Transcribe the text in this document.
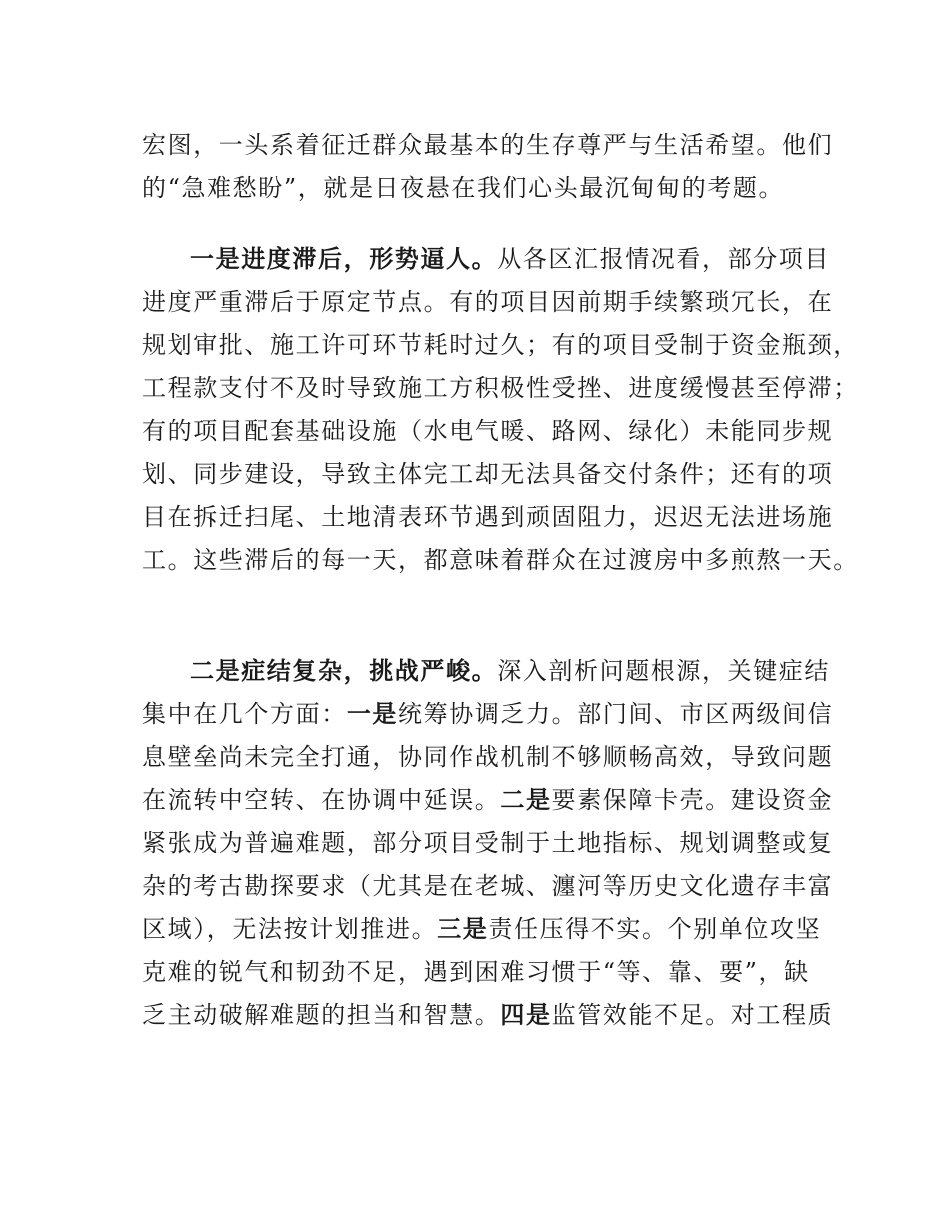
宏图，一头系着征迁群众最基本的生存尊严与生活希望。他们
的“急难愁盼”，就是日夜悬在我们心头最沉甸甸的考题。
一是进度滞后，形势逼人。从各区汇报情况看，部分项目
进度严重滞后于原定节点。有的项目因前期手续繁琐冗长，在
规划审批、施工许可环节耗时过久；有的项目受制于资金瓶颈，
工程款支付不及时导致施工方积极性受挫、进度缓慢甚至停滞；
有的项目配套基础设施（水电气暖、路网、绿化）未能同步规
划、同步建设，导致主体完工却无法具备交付条件；还有的项
目在拆迁扫尾、土地清表环节遇到顽固阻力，迟迟无法进场施
工。这些滞后的每一天，都意味着群众在过渡房中多煎熬一天。
二是症结复杂，挑战严峻。深入剖析问题根源，关键症结
集中在几个方面：一是统筹协调乏力。部门间、市区两级间信
息壁垒尚未完全打通，协同作战机制不够顺畅高效，导致问题
在流转中空转、在协调中延误。二是要素保障卡壳。建设资金
紧张成为普遍难题，部分项目受制于土地指标、规划调整或复
杂的考古勘探要求（尤其是在老城、瀍河等历史文化遗存丰富
区域），无法按计划推进。三是责任压得不实。个别单位攻坚
克难的锐气和韧劲不足，遇到困难习惯于“等、靠、要”，缺
乏主动破解难题的担当和智慧。四是监管效能不足。对工程质
